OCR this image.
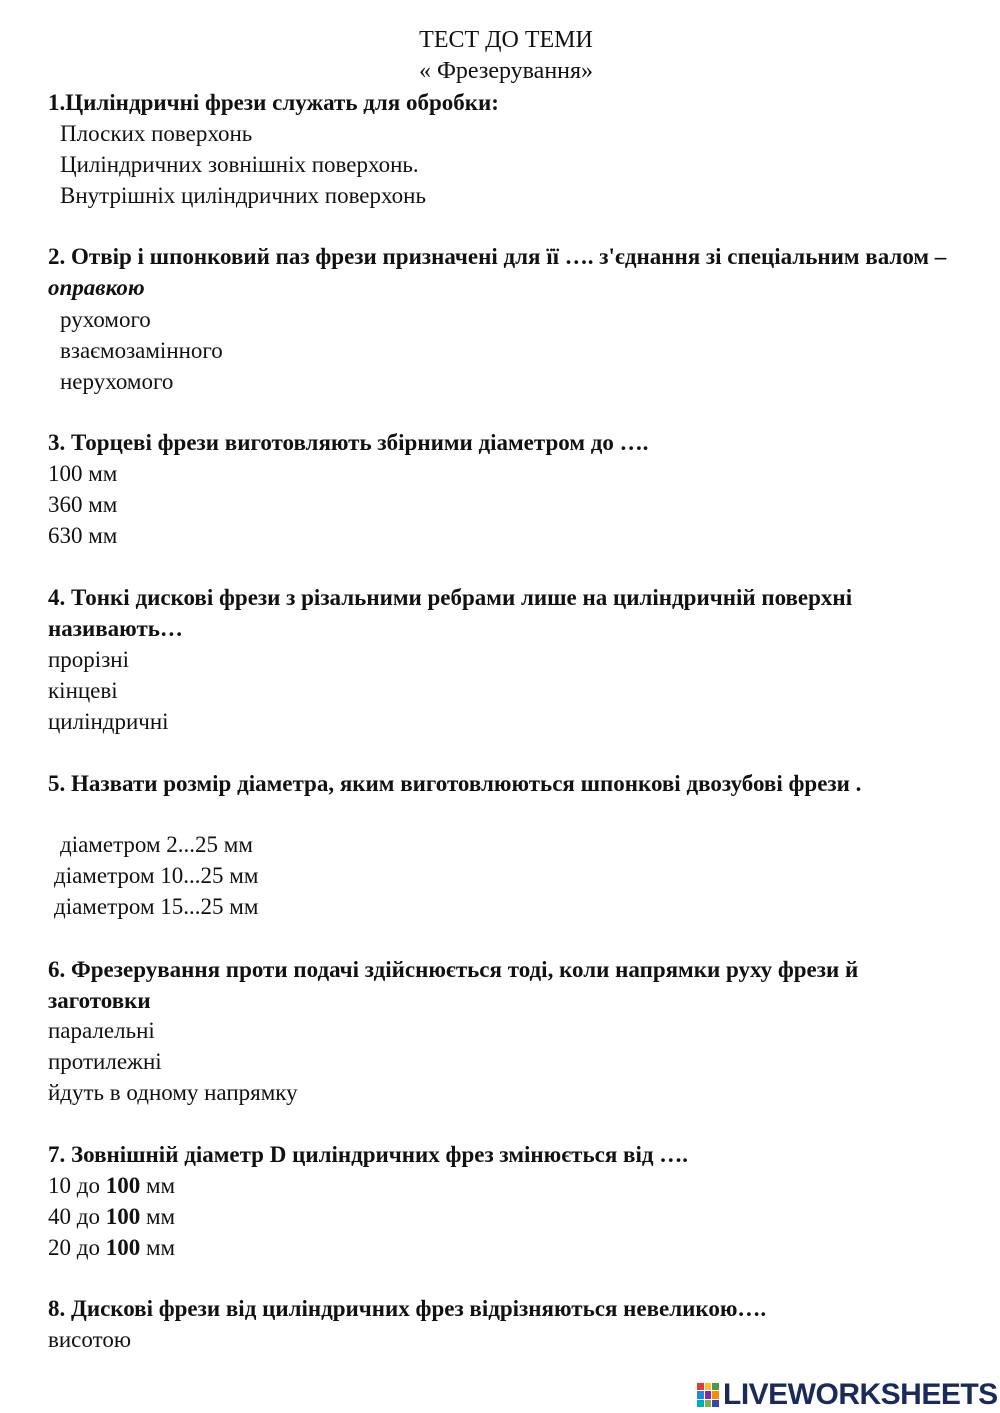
ТЕСТ ДО ТЕМИ
« Фрезерування»
1.Циліндричні фрези служать для обробки:
Плоских поверхонь
Циліндричних зовнішніх поверхонь.
Внутрішніх циліндричних поверхонь
2. Отвір і шпонковий паз фрези призначені для її …. з'єднання зі спеціальним валом – оправкою
рухомого
взаємозамінного
нерухомого
3. Торцеві фрези виготовляють збірними діаметром до ….
100 мм
360 мм
630 мм
4. Тонкі дискові фрези з різальними ребрами лише на циліндричній поверхні називають…
прорізні
кінцеві
циліндричні
5. Назвати розмір діаметра, яким виготовлюються шпонкові двозубові фрези .
діаметром 2...25 мм
діаметром 10...25 мм
діаметром 15...25 мм
6. Фрезерування проти подачі здійснюється тоді, коли напрямки руху фрези й заготовки
паралельні
протилежні
йдуть в одному напрямку
7. Зовнішній діаметр D циліндричних фрез змінюється від ….
10 до 100 мм
40 до 100 мм
20 до 100 мм
8. Дискові фрези від циліндричних фрез відрізняються невеликою….
висотою
LIVEWORKSHEETS
